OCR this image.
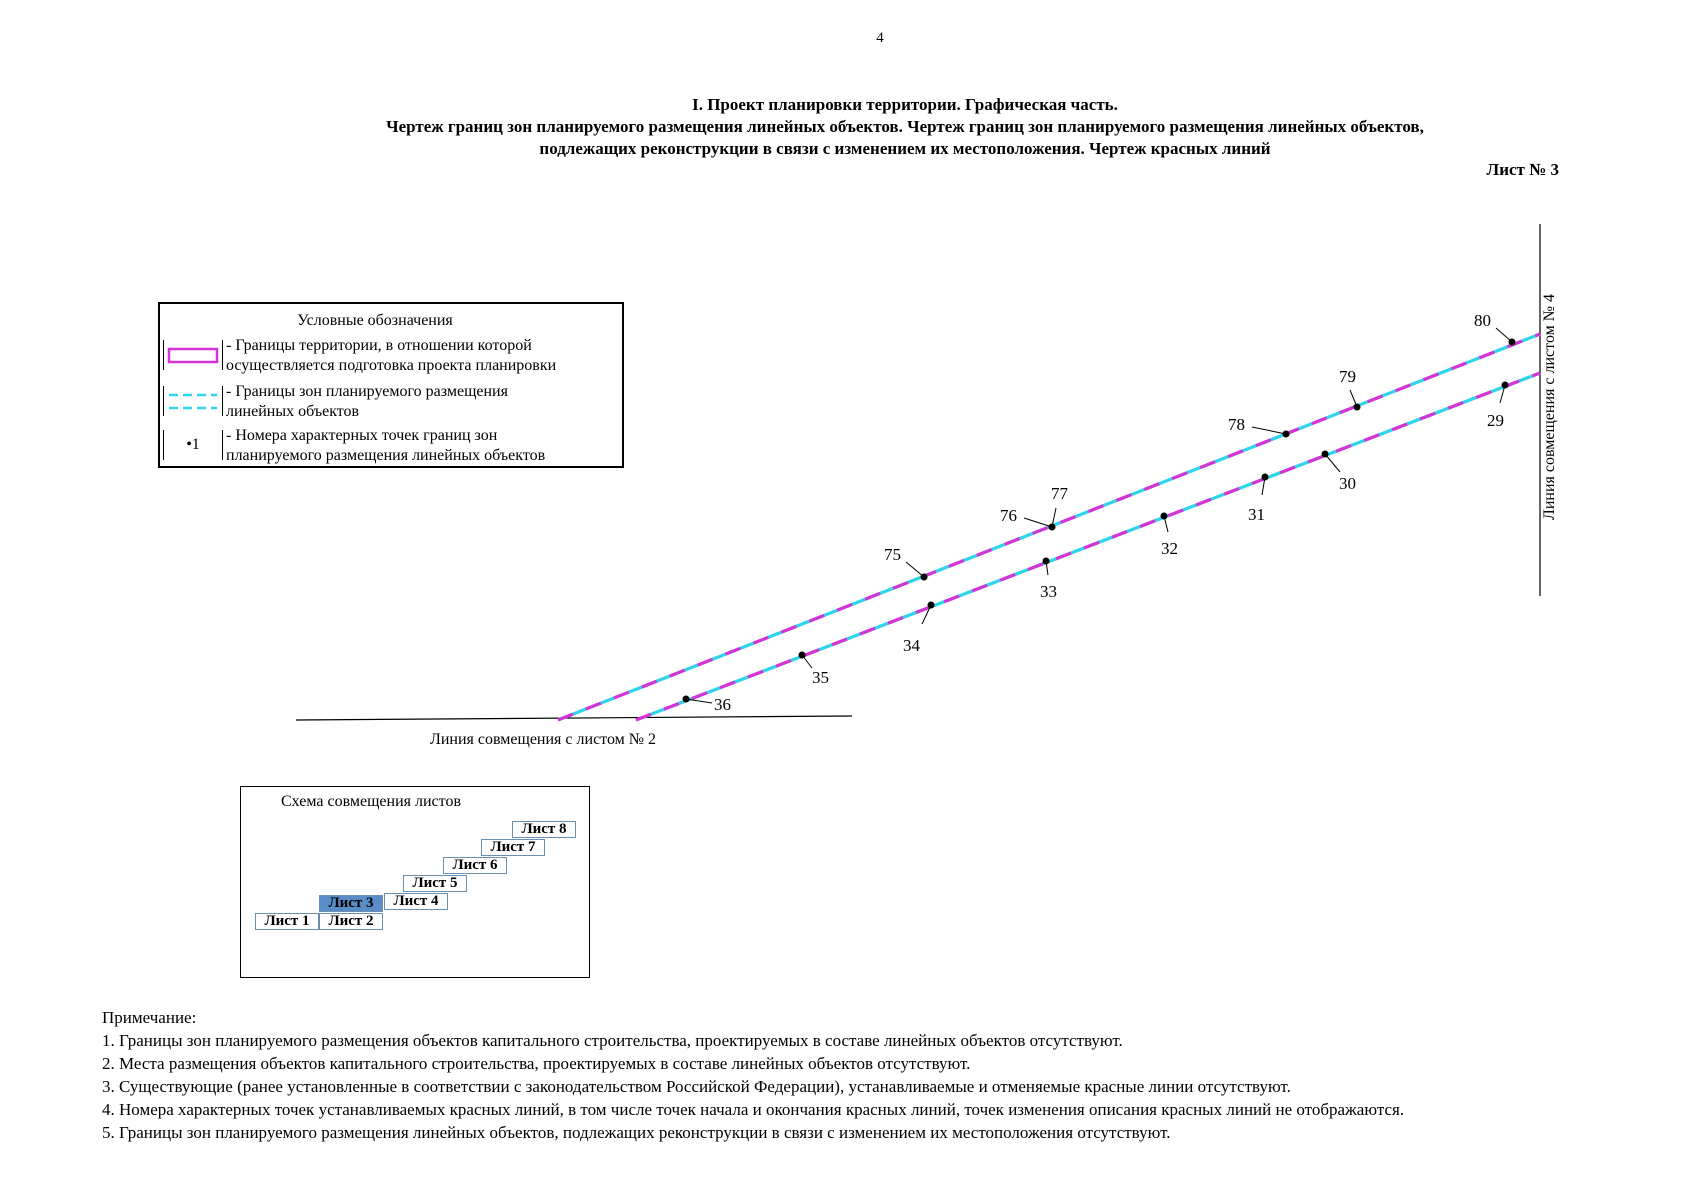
4
I. Проект планировки территории. Графическая часть.
Чертеж границ зон планируемого размещения линейных объектов. Чертеж границ зон планируемого размещения линейных объектов,
подлежащих реконструкции в связи с изменением их местоположения. Чертеж красных линий
Лист № 3
Условные обозначения
- Границы территории, в отношении которой
осуществляется подготовка проекта планировки
- Границы зон планируемого размещения
линейных объектов
•1
- Номера характерных точек границ зон
планируемого размещения линейных объектов
80
79
78
77
76
75
29
30
31
32
33
34
35
36
Линия совмещения с листом № 2
Линия совмещения с листом № 4
Схема совмещения листов
Лист 1	Лист 2
Лист 3	Лист 4
Лист 5
Лист 6
Лист 7
Лист 8
Примечание:
1. Границы зон планируемого размещения объектов капитального строительства, проектируемых в составе линейных объектов отсутствуют.
2. Места размещения объектов капитального строительства, проектируемых в составе линейных объектов отсутствуют.
3. Существующие (ранее установленные в соответствии с законодательством Российской Федерации), устанавливаемые и отменяемые красные линии отсутствуют.
4. Номера характерных точек устанавливаемых красных линий, в том числе точек начала и окончания красных линий, точек изменения описания красных линий не отображаются.
5. Границы зон планируемого размещения линейных объектов, подлежащих реконструкции в связи с изменением их местоположения отсутствуют.
